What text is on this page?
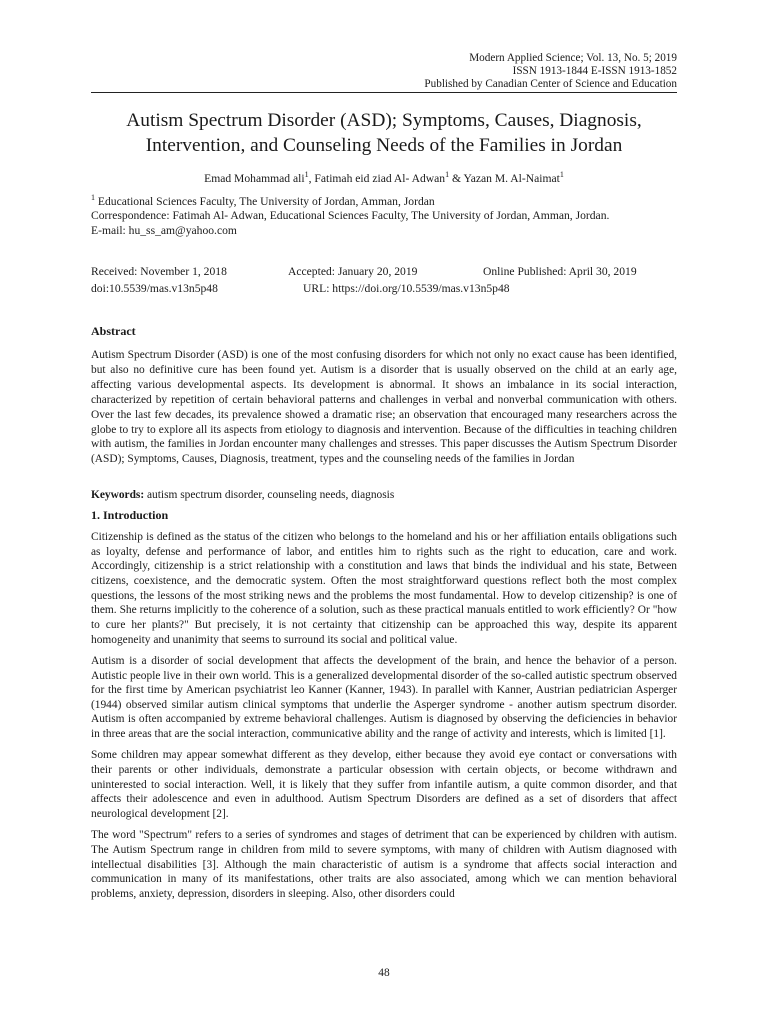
Modern Applied Science; Vol. 13, No. 5; 2019
ISSN 1913-1844 E-ISSN 1913-1852
Published by Canadian Center of Science and Education
Autism Spectrum Disorder (ASD); Symptoms, Causes, Diagnosis,
Intervention, and Counseling Needs of the Families in Jordan
Emad Mohammad ali$^1$, Fatimah eid ziad Al- Adwan$^1$ & Yazan M. Al-Naimat$^1$
$^1$ Educational Sciences Faculty, The University of Jordan, Amman, Jordan
Correspondence: Fatimah Al- Adwan, Educational Sciences Faculty, The University of Jordan, Amman, Jordan.
E-mail: hu_ss_am@yahoo.com
Received: November 1, 2018	Accepted: January 20, 2019	Online Published: April 30, 2019
doi:10.5539/mas.v13n5p48	URL: https://doi.org/10.5539/mas.v13n5p48
Abstract
Autism Spectrum Disorder (ASD) is one of the most confusing disorders for which not only no exact cause has been identified, but also no definitive cure has been found yet. Autism is a disorder that is usually observed on the child at an early age, affecting various developmental aspects. Its development is abnormal. It shows an imbalance in its social interaction, characterized by repetition of certain behavioral patterns and challenges in verbal and nonverbal communication with others. Over the last few decades, its prevalence showed a dramatic rise; an observation that encouraged many researchers across the globe to try to explore all its aspects from etiology to diagnosis and intervention. Because of the difficulties in teaching children with autism, the families in Jordan encounter many challenges and stresses. This paper discusses the Autism Spectrum Disorder (ASD); Symptoms, Causes, Diagnosis, treatment, types and the counseling needs of the families in Jordan
Keywords: autism spectrum disorder, counseling needs, diagnosis
1. Introduction

Citizenship is defined as the status of the citizen who belongs to the homeland and his or her affiliation entails obligations such as loyalty, defense and performance of labor, and entitles him to rights such as the right to education, care and work. Accordingly, citizenship is a strict relationship with a constitution and laws that binds the individual and his state, Between citizens, coexistence, and the democratic system. Often the most straightforward questions reflect both the most complex questions, the lessons of the most striking news and the problems the most fundamental. How to develop citizenship? is one of them. She returns implicitly to the coherence of a solution, such as these practical manuals entitled to work efficiently? Or "how to cure her plants?" But precisely, it is not certainty that citizenship can be approached this way, despite its apparent homogeneity and unanimity that seems to surround its social and political value.

Autism is a disorder of social development that affects the development of the brain, and hence the behavior of a person. Autistic people live in their own world. This is a generalized developmental disorder of the so-called autistic spectrum observed for the first time by American psychiatrist leo Kanner (Kanner, 1943). In parallel with Kanner, Austrian pediatrician Asperger (1944) observed similar autism clinical symptoms that underlie the Asperger syndrome - another autism spectrum disorder. Autism is often accompanied by extreme behavioral challenges. Autism is diagnosed by observing the deficiencies in behavior in three areas that are the social interaction, communicative ability and the range of activity and interests, which is limited [1].

Some children may appear somewhat different as they develop, either because they avoid eye contact or conversations with their parents or other individuals, demonstrate a particular obsession with certain objects, or become withdrawn and uninterested to social interaction. Well, it is likely that they suffer from infantile autism, a quite common disorder, and that affects their adolescence and even in adulthood. Autism Spectrum Disorders are defined as a set of disorders that affect neurological development [2].

The word "Spectrum" refers to a series of syndromes and stages of detriment that can be experienced by children with autism. The Autism Spectrum range in children from mild to severe symptoms, with many of children with Autism diagnosed with intellectual disabilities [3]. Although the main characteristic of autism is a syndrome that affects social interaction and communication in many of its manifestations, other traits are also associated, among which we can mention behavioral problems, anxiety, depression, disorders in sleeping. Also, other disorders could

48
